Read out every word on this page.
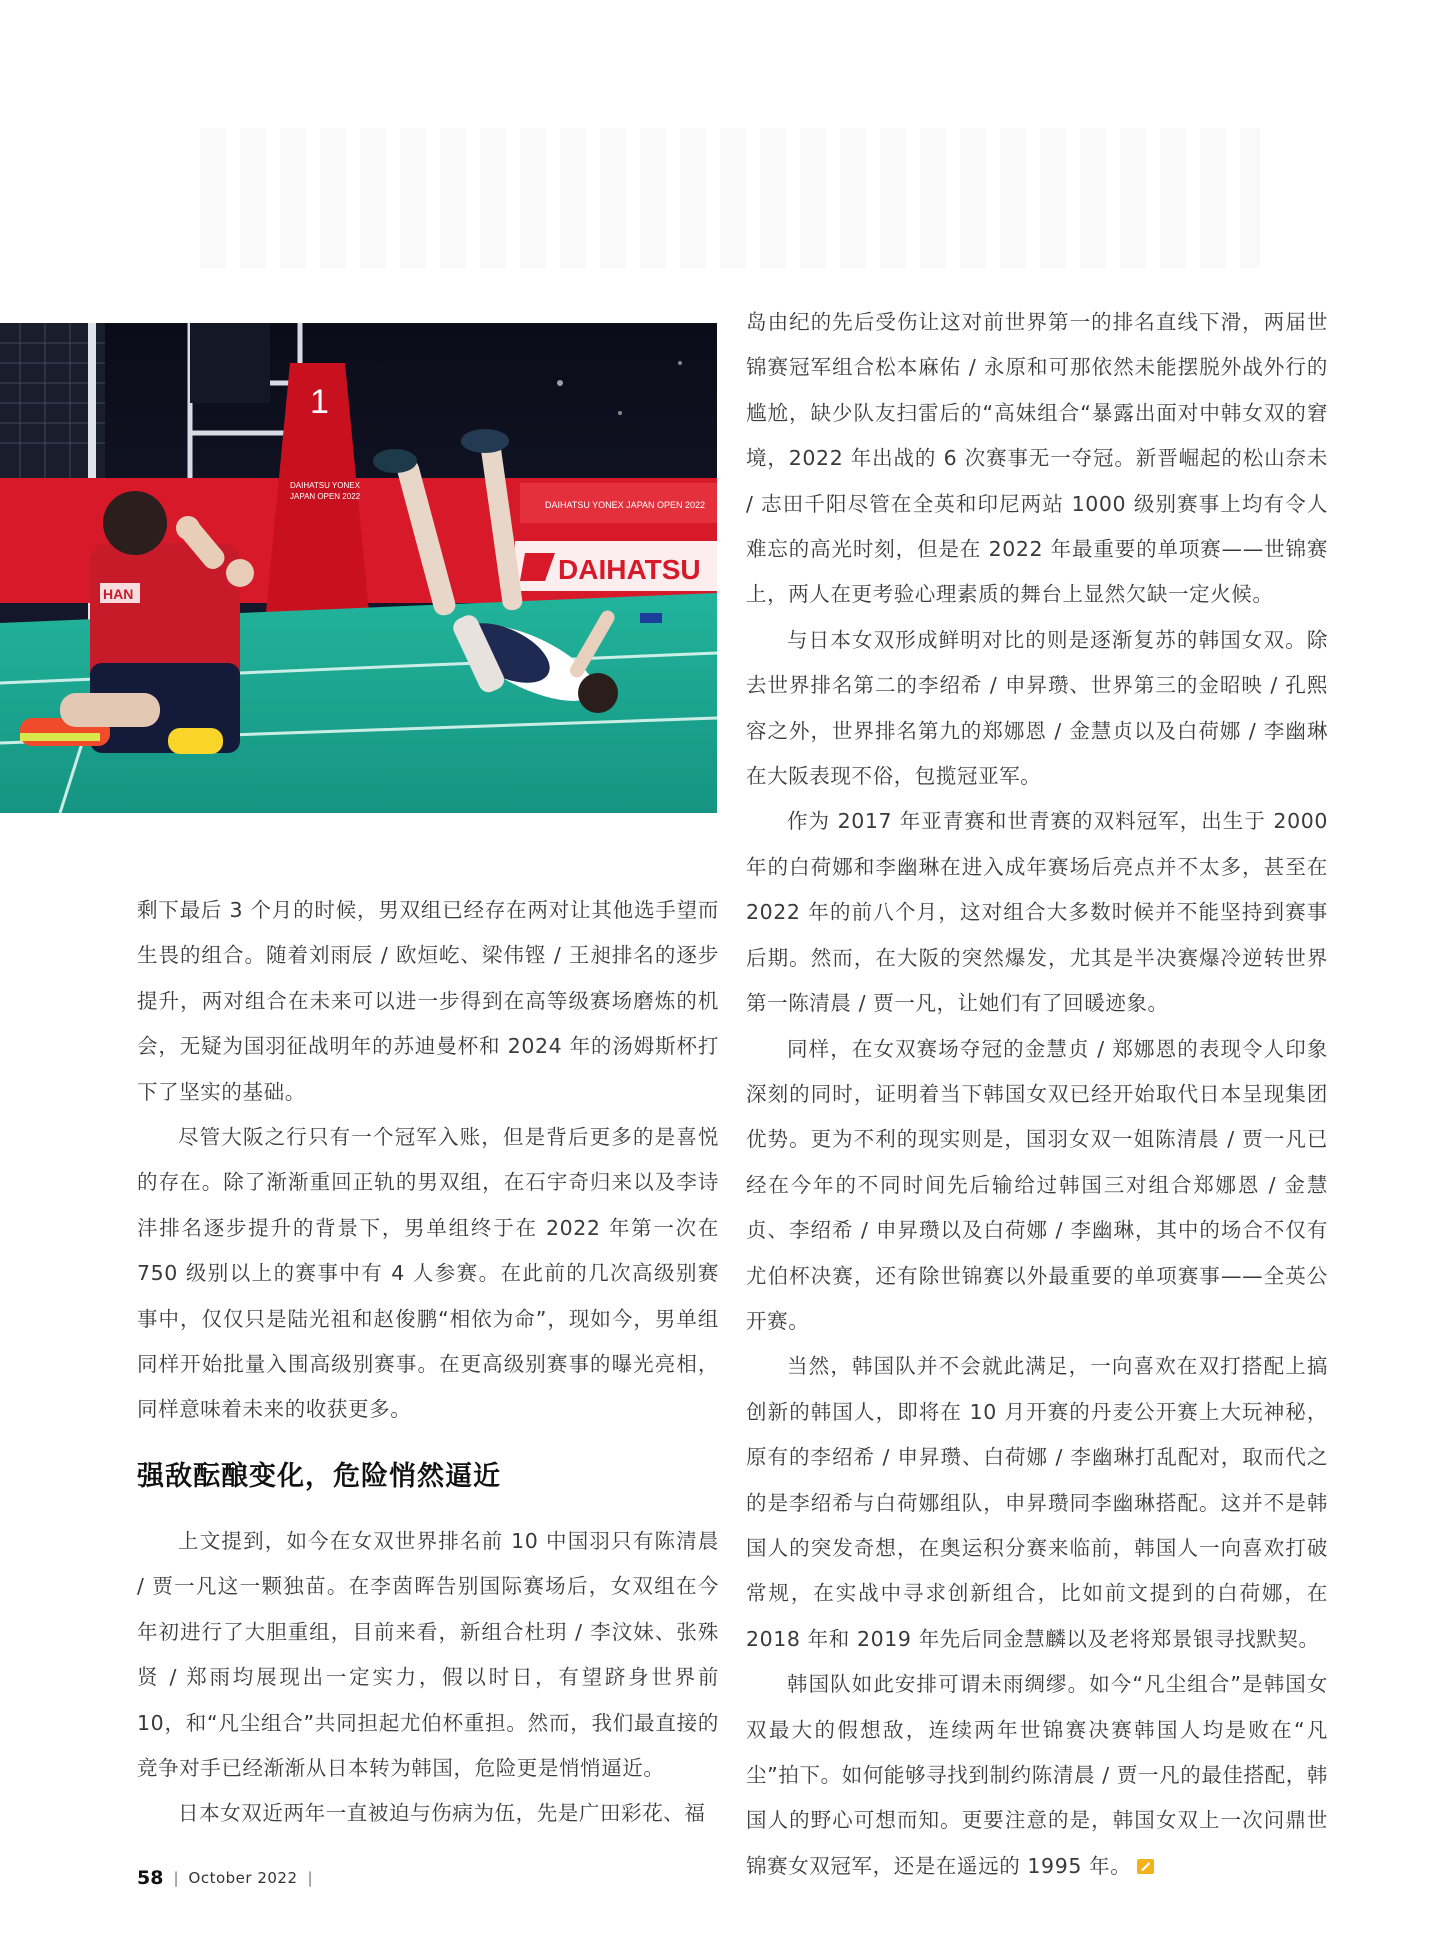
DAIHATSU YONEX JAPAN OPEN 2022
DAIHATSU
1
DAIHATSU YONEX
JAPAN OPEN 2022
HAN

剩下最后 3 个月的时候，男双组已经存在两对让其他选手望而生畏的组合。随着刘雨辰 / 欧烜屹、梁伟铿 / 王昶排名的逐步提升，两对组合在未来可以进一步得到在高等级赛场磨炼的机会，无疑为国羽征战明年的苏迪曼杯和 2024 年的汤姆斯杯打下了坚实的基础。

尽管大阪之行只有一个冠军入账，但是背后更多的是喜悦的存在。除了渐渐重回正轨的男双组，在石宇奇归来以及李诗沣排名逐步提升的背景下，男单组终于在 2022 年第一次在 750 级别以上的赛事中有 4 人参赛。在此前的几次高级别赛事中，仅仅只是陆光祖和赵俊鹏“相依为命”，现如今，男单组同样开始批量入围高级别赛事。在更高级别赛事的曝光亮相，同样意味着未来的收获更多。

强敌酝酿变化，危险悄然逼近

上文提到，如今在女双世界排名前 10 中国羽只有陈清晨 / 贾一凡这一颗独苗。在李茵晖告别国际赛场后，女双组在今年初进行了大胆重组，目前来看，新组合杜玥 / 李汶妹、张殊贤 / 郑雨均展现出一定实力，假以时日，有望跻身世界前 10，和“凡尘组合”共同担起尤伯杯重担。然而，我们最直接的竞争对手已经渐渐从日本转为韩国，危险更是悄悄逼近。

日本女双近两年一直被迫与伤病为伍，先是广田彩花、福

岛由纪的先后受伤让这对前世界第一的排名直线下滑，两届世锦赛冠军组合松本麻佑 / 永原和可那依然未能摆脱外战外行的尴尬，缺少队友扫雷后的“高妹组合“暴露出面对中韩女双的窘境，2022 年出战的 6 次赛事无一夺冠。新晋崛起的松山奈未 / 志田千阳尽管在全英和印尼两站 1000 级别赛事上均有令人难忘的高光时刻，但是在 2022 年最重要的单项赛——世锦赛上，两人在更考验心理素质的舞台上显然欠缺一定火候。

与日本女双形成鲜明对比的则是逐渐复苏的韩国女双。除去世界排名第二的李绍希 / 申昇瓒、世界第三的金昭映 / 孔熙容之外，世界排名第九的郑娜恩 / 金慧贞以及白荷娜 / 李幽琳在大阪表现不俗，包揽冠亚军。

作为 2017 年亚青赛和世青赛的双料冠军，出生于 2000 年的白荷娜和李幽琳在进入成年赛场后亮点并不太多，甚至在 2022 年的前八个月，这对组合大多数时候并不能坚持到赛事后期。然而，在大阪的突然爆发，尤其是半决赛爆冷逆转世界第一陈清晨 / 贾一凡，让她们有了回暖迹象。

同样，在女双赛场夺冠的金慧贞 / 郑娜恩的表现令人印象深刻的同时，证明着当下韩国女双已经开始取代日本呈现集团优势。更为不利的现实则是，国羽女双一姐陈清晨 / 贾一凡已经在今年的不同时间先后输给过韩国三对组合郑娜恩 / 金慧贞、李绍希 / 申昇瓒以及白荷娜 / 李幽琳，其中的场合不仅有尤伯杯决赛，还有除世锦赛以外最重要的单项赛事——全英公开赛。

当然，韩国队并不会就此满足，一向喜欢在双打搭配上搞创新的韩国人，即将在 10 月开赛的丹麦公开赛上大玩神秘，原有的李绍希 / 申昇瓒、白荷娜 / 李幽琳打乱配对，取而代之的是李绍希与白荷娜组队，申昇瓒同李幽琳搭配。这并不是韩国人的突发奇想，在奥运积分赛来临前，韩国人一向喜欢打破常规，在实战中寻求创新组合，比如前文提到的白荷娜，在 2018 年和 2019 年先后同金慧麟以及老将郑景银寻找默契。

韩国队如此安排可谓未雨绸缪。如今“凡尘组合”是韩国女双最大的假想敌，连续两年世锦赛决赛韩国人均是败在“凡尘”拍下。如何能够寻找到制约陈清晨 / 贾一凡的最佳搭配，韩国人的野心可想而知。更要注意的是，韩国女双上一次问鼎世锦赛女双冠军，还是在遥远的 1995 年。

58 | October 2022 |
